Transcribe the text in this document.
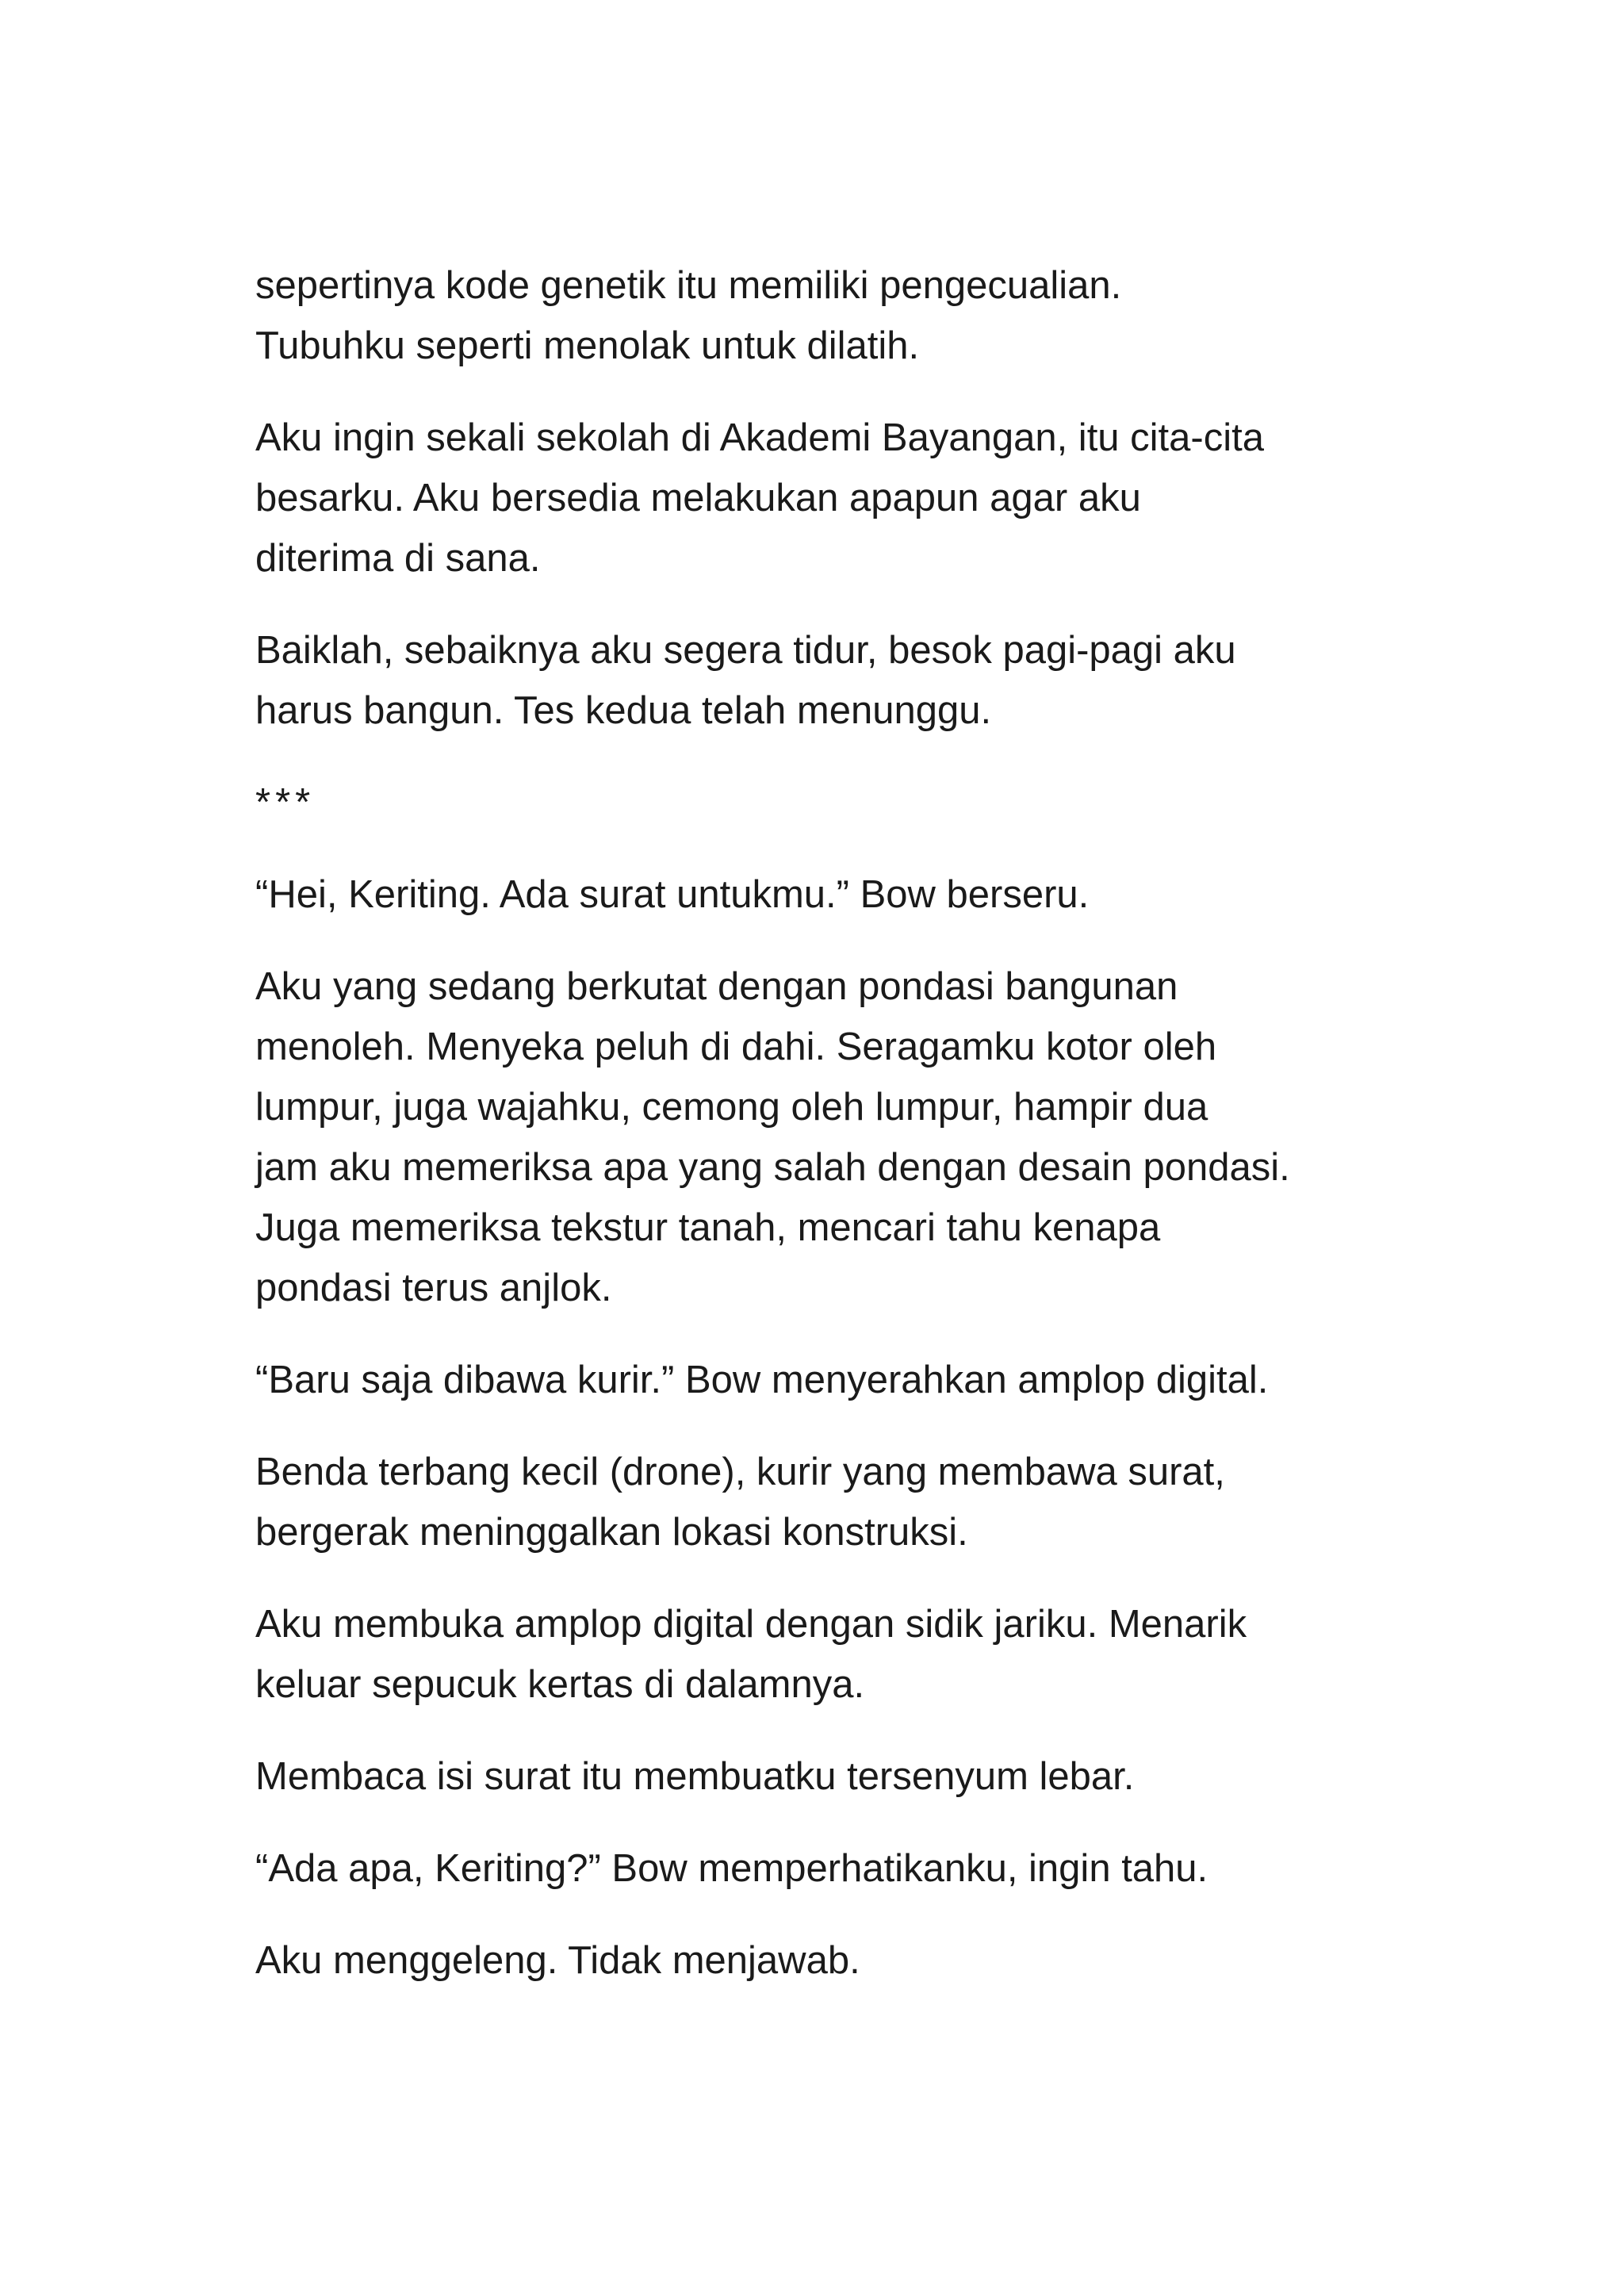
sepertinya kode genetik itu memiliki pengecualian.
Tubuhku seperti menolak untuk dilatih.

Aku ingin sekali sekolah di Akademi Bayangan, itu cita-cita
besarku. Aku bersedia melakukan apapun agar aku
diterima di sana.

Baiklah, sebaiknya aku segera tidur, besok pagi-pagi aku
harus bangun. Tes kedua telah menunggu.

***

“Hei, Keriting. Ada surat untukmu.” Bow berseru.

Aku yang sedang berkutat dengan pondasi bangunan
menoleh. Menyeka peluh di dahi. Seragamku kotor oleh
lumpur, juga wajahku, cemong oleh lumpur, hampir dua
jam aku memeriksa apa yang salah dengan desain pondasi.
Juga memeriksa tekstur tanah, mencari tahu kenapa
pondasi terus anjlok.

“Baru saja dibawa kurir.” Bow menyerahkan amplop digital.

Benda terbang kecil (drone), kurir yang membawa surat,
bergerak meninggalkan lokasi konstruksi.

Aku membuka amplop digital dengan sidik jariku. Menarik
keluar sepucuk kertas di dalamnya.

Membaca isi surat itu membuatku tersenyum lebar.

“Ada apa, Keriting?” Bow memperhatikanku, ingin tahu.

Aku menggeleng. Tidak menjawab.
